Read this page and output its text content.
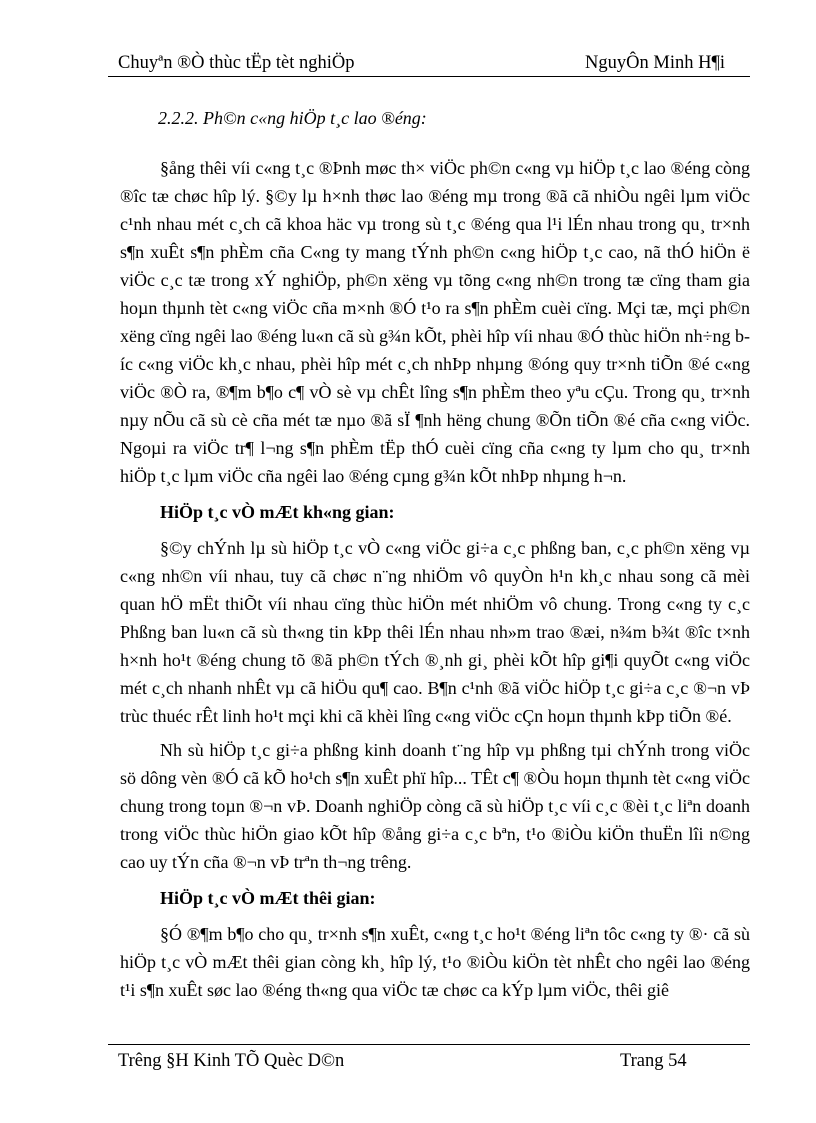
Chuyªn ®Ò thùc tËp tèt nghiÖp	NguyÔn Minh H¶i
2.2.2. Ph©n c«ng hiÖp t¸c lao ®éng:

§ång thêi víi c«ng t¸c ®Þnh møc th× viÖc ph©n c«ng vµ hiÖp t¸c lao ®éng còng ®îc tæ chøc hîp lý. §©y lµ h×nh thøc lao ®éng mµ trong ®ã cã nhiÒu ngêi lµm viÖc c¹nh nhau mét c¸ch cã khoa häc vµ trong sù t¸c ®éng qua l¹i lÉn nhau trong qu¸ tr×nh s¶n xuÊt s¶n phÈm cña C«ng ty mang tÝnh ph©n c«ng hiÖp t¸c cao, nã thÓ hiÖn ë viÖc c¸c tæ trong xÝ nghiÖp, ph©n xëng vµ tõng c«ng nh©n trong tæ cïng tham gia hoµn thµnh tèt c«ng viÖc cña m×nh ®Ó t¹o ra s¶n phÈm cuèi cïng. Mçi tæ, mçi ph©n xëng cïng ngêi lao ®éng lu«n cã sù g¾n kÕt, phèi hîp víi nhau ®Ó thùc hiÖn nh÷ng bíc c«ng viÖc kh¸c nhau, phèi hîp mét c¸ch nhÞp nhµng ®óng quy tr×nh tiÕn ®é c«ng viÖc ®Ò ra, ®¶m b¶o c¶ vÒ sè vµ chÊt lîng s¶n phÈm theo yªu cÇu. Trong qu¸ tr×nh nµy nÕu cã sù cè cña mét tæ nµo ®ã sÏ ¶nh hëng chung ®Õn tiÕn ®é cña c«ng viÖc. Ngoµi ra viÖc tr¶ l¬ng s¶n phÈm tËp thÓ cuèi cïng cña c«ng ty lµm cho qu¸ tr×nh hiÖp t¸c lµm viÖc cña ngêi lao ®éng cµng g¾n kÕt nhÞp nhµng h¬n.

HiÖp t¸c vÒ mÆt kh«ng gian:

§©y chÝnh lµ sù hiÖp t¸c vÒ c«ng viÖc gi÷a c¸c phßng ban, c¸c ph©n xëng vµ c«ng nh©n víi nhau, tuy cã chøc n¨ng nhiÖm vô quyÒn h¹n kh¸c nhau song cã mèi quan hÖ mËt thiÕt víi nhau cïng thùc hiÖn mét nhiÖm vô chung. Trong c«ng ty c¸c Phßng ban lu«n cã sù th«ng tin kÞp thêi lÉn nhau nh»m trao ®æi, n¾m b¾t ®îc t×nh h×nh ho¹t ®éng chung tõ ®ã ph©n tÝch ®¸nh gi¸ phèi kÕt hîp gi¶i quyÕt c«ng viÖc mét c¸ch nhanh nhÊt vµ cã hiÖu qu¶ cao. B¶n c¹nh ®ã viÖc hiÖp t¸c gi÷a c¸c ®¬n vÞ trùc thuéc rÊt linh ho¹t mçi khi cã khèi lîng c«ng viÖc cÇn hoµn thµnh kÞp tiÕn ®é.

Nh sù hiÖp t¸c gi÷a phßng kinh doanh t¨ng hîp vµ phßng tµi chÝnh trong viÖc sö dông vèn ®Ó cã kÕ ho¹ch s¶n xuÊt phï hîp... TÊt c¶ ®Òu hoµn thµnh tèt c«ng viÖc chung trong toµn ®¬n vÞ. Doanh nghiÖp còng cã sù hiÖp t¸c víi c¸c ®èi t¸c liªn doanh trong viÖc thùc hiÖn giao kÕt hîp ®ång gi÷a c¸c bªn, t¹o ®iÒu kiÖn thuËn lîi n©ng cao uy tÝn cña ®¬n vÞ trªn th¬ng trêng.

HiÖp t¸c vÒ mÆt thêi gian:

§Ó ®¶m b¶o cho qu¸ tr×nh s¶n xuÊt, c«ng t¸c ho¹t ®éng liªn tôc c«ng ty ®· cã sù hiÖp t¸c vÒ mÆt thêi gian còng kh¸ hîp lý, t¹o ®iÒu kiÖn tèt nhÊt cho ngêi lao ®éng t¹i s¶n xuÊt søc lao ®éng th«ng qua viÖc tæ chøc ca kÝp lµm viÖc, thêi giê

Trêng §H Kinh TÕ Quèc D©n	Trang 54
